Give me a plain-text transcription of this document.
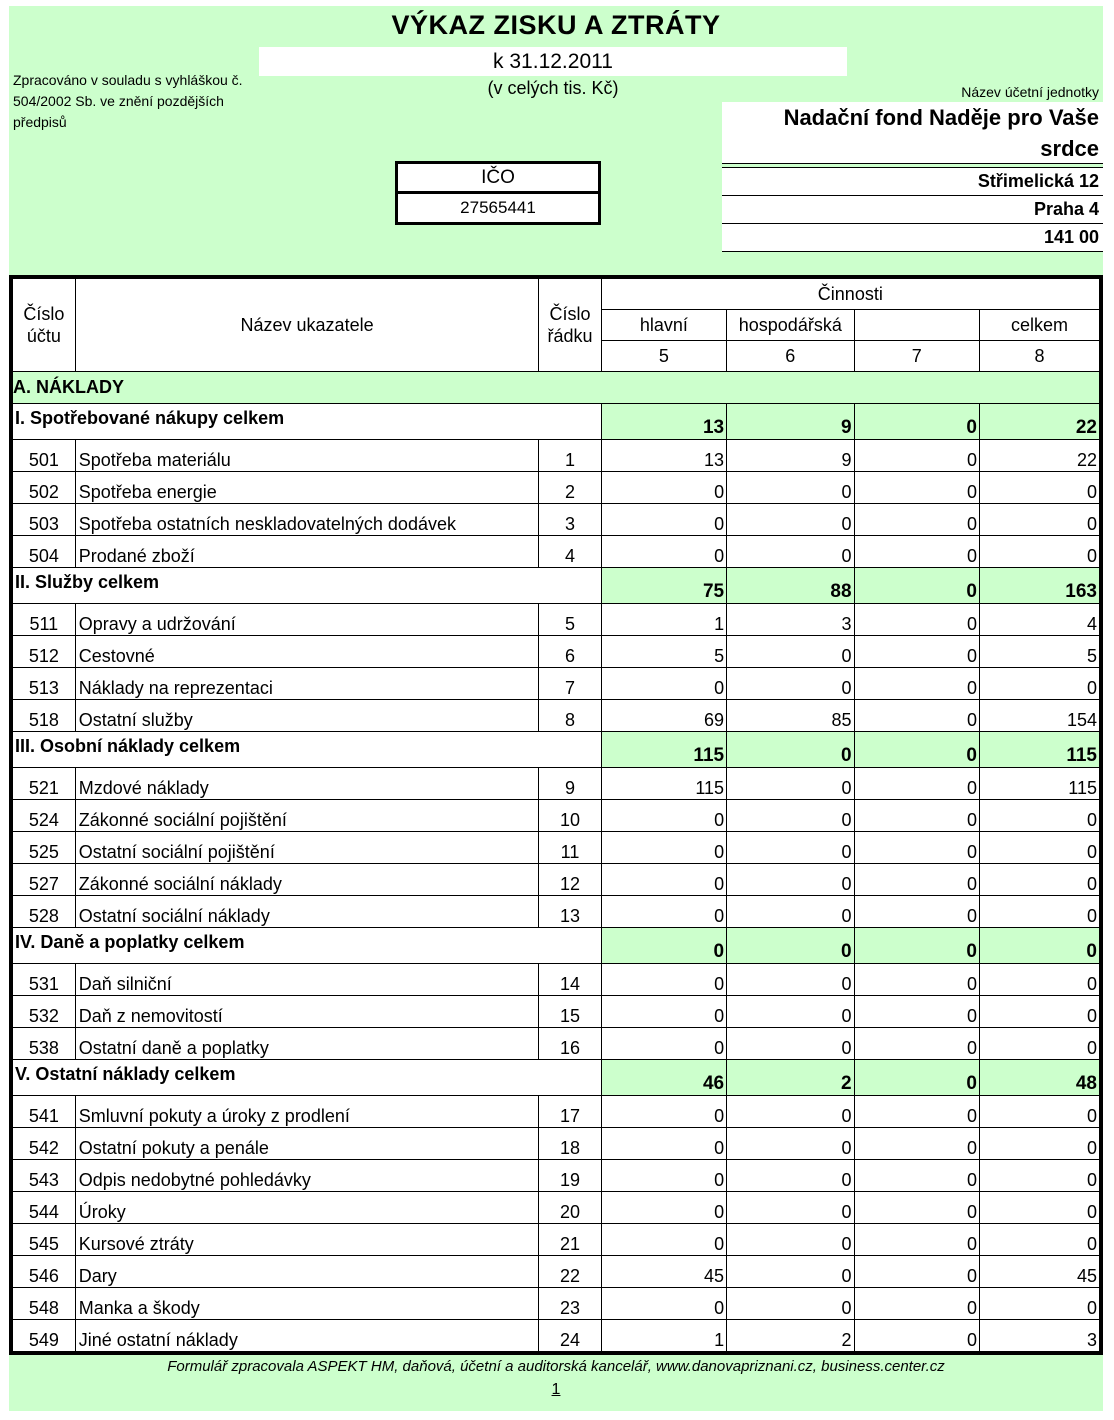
VÝKAZ ZISKU A ZTRÁTY
k 31.12.2011
(v celých tis. Kč)
Zpracováno v souladu s vyhláškou č. 504/2002 Sb. ve znění pozdějších předpisů
IČO
27565441
Název účetní jednotky
Nadační fond Naděje pro Vaše srdce
Střimelická 12
Praha 4
141 00
Číslo účtu	Název ukazatele	Číslo řádku	Činnosti			
			hlavní	hospodářská		celkem
			5	6	7	8
A. NÁKLADY						
I. Spotřebované nákupy celkem			13	9	0	22
501	Spotřeba materiálu	1	13	9	0	22
502	Spotřeba energie	2	0	0	0	0
503	Spotřeba ostatních neskladovatelných dodávek	3	0	0	0	0
504	Prodané zboží	4	0	0	0	0
II. Služby celkem			75	88	0	163
511	Opravy a udržování	5	1	3	0	4
512	Cestovné	6	5	0	0	5
513	Náklady na reprezentaci	7	0	0	0	0
518	Ostatní služby	8	69	85	0	154
III. Osobní náklady celkem			115	0	0	115
521	Mzdové náklady	9	115	0	0	115
524	Zákonné sociální pojištění	10	0	0	0	0
525	Ostatní sociální pojištění	11	0	0	0	0
527	Zákonné sociální náklady	12	0	0	0	0
528	Ostatní sociální náklady	13	0	0	0	0
IV. Daně a poplatky celkem			0	0	0	0
531	Daň silniční	14	0	0	0	0
532	Daň z nemovitostí	15	0	0	0	0
538	Ostatní daně a poplatky	16	0	0	0	0
V. Ostatní náklady celkem			46	2	0	48
541	Smluvní pokuty a úroky z prodlení	17	0	0	0	0
542	Ostatní pokuty a penále	18	0	0	0	0
543	Odpis nedobytné pohledávky	19	0	0	0	0
544	Úroky	20	0	0	0	0
545	Kursové ztráty	21	0	0	0	0
546	Dary	22	45	0	0	45
548	Manka a škody	23	0	0	0	0
549	Jiné ostatní náklady	24	1	2	0	3
Formulář zpracovala ASPEKT HM, daňová, účetní a auditorská kancelář, www.danovapriznani.cz, business.center.cz
1
